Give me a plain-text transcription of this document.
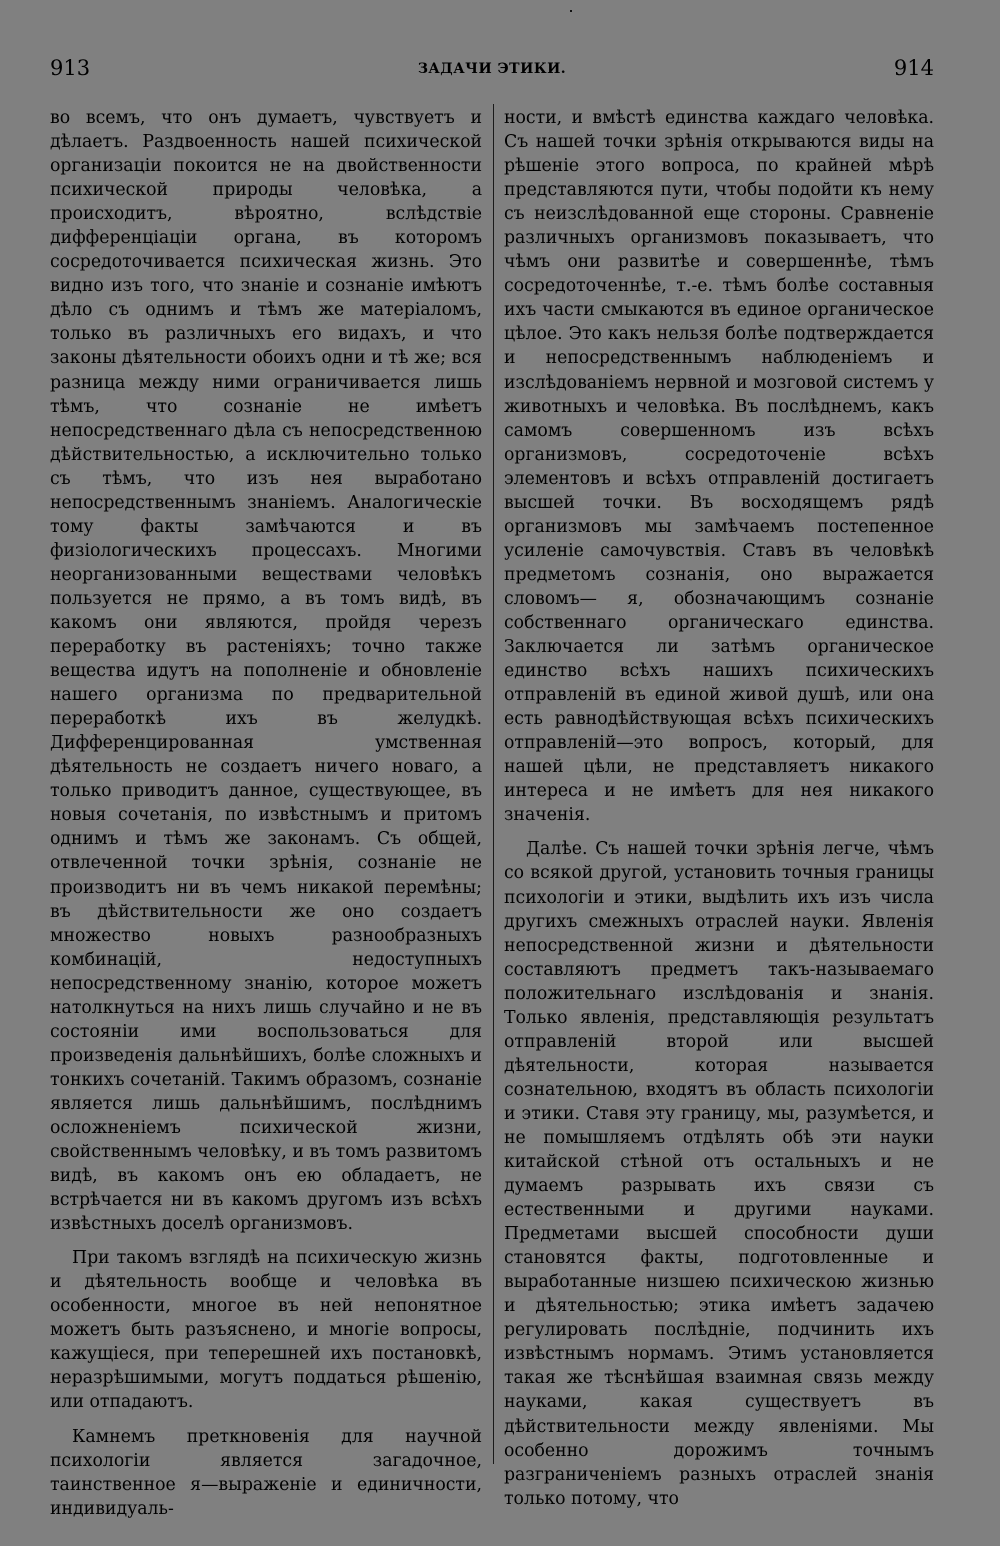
913	ЗАДАЧИ ЭТИКИ.	914

во всемъ, что онъ думаетъ, чувствуетъ и дѣлаетъ. Раздвоенность нашей психической организаціи покоится не на двойственности психической природы человѣка, а происходитъ, вѣроятно, вслѣдствіе дифференціаціи органа, въ которомъ сосредоточивается психическая жизнь. Это видно изъ того, что знаніе и сознаніе имѣютъ дѣло съ однимъ и тѣмъ же матеріаломъ, только въ различныхъ его видахъ, и что законы дѣятельности обоихъ одни и тѣ же; вся разница между ними ограничивается лишь тѣмъ, что сознаніе не имѣетъ непосредственнаго дѣла съ непосредственною дѣйствительностью, а исключительно только съ тѣмъ, что изъ нея выработано непосредственнымъ знаніемъ. Аналогическіе тому факты замѣчаются и въ физіологическихъ процессахъ. Многими неорганизованными веществами человѣкъ пользуется не прямо, а въ томъ видѣ, въ какомъ они являются, пройдя черезъ переработку въ растеніяхъ; точно также вещества идутъ на пополненіе и обновленіе нашего организма по предварительной переработкѣ ихъ въ желудкѣ. Дифференцированная умственная дѣятельность не создаетъ ничего новаго, а только приводитъ данное, существующее, въ новыя сочетанія, по извѣстнымъ и притомъ однимъ и тѣмъ же законамъ. Съ общей, отвлеченной точки зрѣнія, сознаніе не производитъ ни въ чемъ никакой перемѣны; въ дѣйствительности же оно создаетъ множество новыхъ разнообразныхъ комбинацій, недоступныхъ непосредственному знанію, которое можетъ натолкнуться на нихъ лишь случайно и не въ состояніи ими воспользоваться для произведенія дальнѣйшихъ, болѣе сложныхъ и тонкихъ сочетаній. Такимъ образомъ, сознаніе является лишь дальнѣйшимъ, послѣднимъ осложненіемъ психической жизни, свойственнымъ человѣку, и въ томъ развитомъ видѣ, въ какомъ онъ ею обладаетъ, не встрѣчается ни въ какомъ другомъ изъ всѣхъ извѣстныхъ доселѣ организмовъ.

При такомъ взглядѣ на психическую жизнь и дѣятельность вообще и человѣка въ особенности, многое въ ней непонятное можетъ быть разъяснено, и многіе вопросы, кажущіеся, при теперешней ихъ постановкѣ, неразрѣшимыми, могутъ поддаться рѣшенію, или отпадаютъ.

Камнемъ преткновенія для научной психологіи является загадочное, таинственное я—выраженіе и единичности, индивидуаль-

ности, и вмѣстѣ единства каждаго человѣка. Съ нашей точки зрѣнія открываются виды на рѣшеніе этого вопроса, по крайней мѣрѣ представляются пути, чтобы подойти къ нему съ неизслѣдованной еще стороны. Сравненіе различныхъ организмовъ показываетъ, что чѣмъ они развитѣе и совершеннѣе, тѣмъ сосредоточеннѣе, т.-е. тѣмъ болѣе составныя ихъ части смыкаются въ единое органическое цѣлое. Это какъ нельзя болѣе подтверждается и непосредственнымъ наблюденіемъ и изслѣдованіемъ нервной и мозговой системъ у животныхъ и человѣка. Въ послѣднемъ, какъ самомъ совершенномъ изъ всѣхъ организмовъ, сосредоточеніе всѣхъ элементовъ и всѣхъ отправленій достигаетъ высшей точки. Въ восходящемъ рядѣ организмовъ мы замѣчаемъ постепенное усиленіе самочувствія. Ставъ въ человѣкѣ предметомъ сознанія, оно выражается словомъ— я, обозначающимъ сознаніе собственнаго органическаго единства. Заключается ли затѣмъ органическое единство всѣхъ нашихъ психическихъ отправленій въ единой живой душѣ, или она есть равнодѣйствующая всѣхъ психическихъ отправленій—это вопросъ, который, для нашей цѣли, не представляетъ никакого интереса и не имѣетъ для нея никакого значенія.

Далѣе. Съ нашей точки зрѣнія легче, чѣмъ со всякой другой, установить точныя границы психологіи и этики, выдѣлить ихъ изъ числа другихъ смежныхъ отраслей науки. Явленія непосредственной жизни и дѣятельности составляютъ предметъ такъ-называемаго положительнаго изслѣдованія и знанія. Только явленія, представляющія результатъ отправленій второй или высшей дѣятельности, которая называется сознательною, входятъ въ область психологіи и этики. Ставя эту границу, мы, разумѣется, и не помышляемъ отдѣлять обѣ эти науки китайской стѣной отъ остальныхъ и не думаемъ разрывать ихъ связи съ естественными и другими науками. Предметами высшей способности души становятся факты, подготовленные и выработанные низшею психическою жизнью и дѣятельностью; этика имѣетъ задачею регулировать послѣдніе, подчинить ихъ извѣстнымъ нормамъ. Этимъ установляется такая же тѣснѣйшая взаимная связь между науками, какая существуетъ въ дѣйствительности между явленіями. Мы особенно дорожимъ точнымъ разграниченіемъ разныхъ отраслей знанія только потому, что
